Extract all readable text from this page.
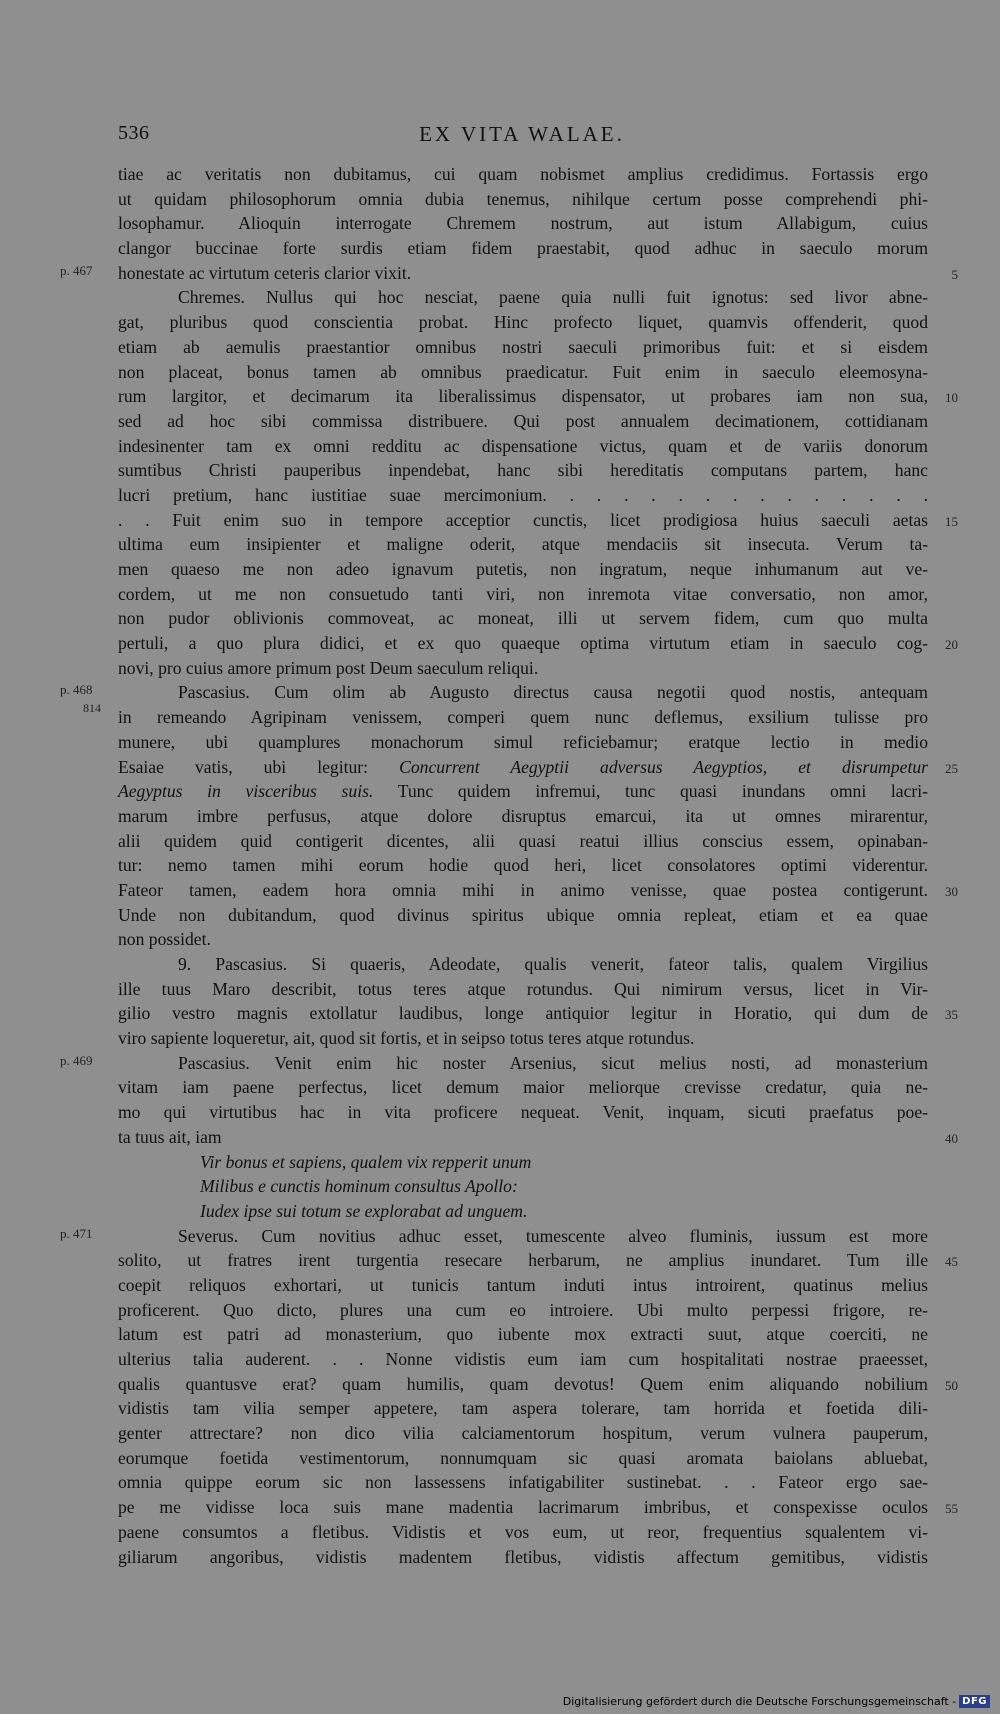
536	EX VITA WALAE.
tiae ac veritatis non dubitamus, cui quam nobismet amplius credidimus. Fortassis ergo
ut quidam philosophorum omnia dubia tenemus, nihilque certum posse comprehendi phi-
losophamur. Alioquin interrogate Chremem nostrum, aut istum Allabigum, cuius
clangor buccinae forte surdis etiam fidem praestabit, quod adhuc in saeculo morum
p. 467 honestate ac virtutum ceteris clarior vixit.	5
Chremes. Nullus qui hoc nesciat, paene quia nulli fuit ignotus: sed livor abne-
gat, pluribus quod conscientia probat. Hinc profecto liquet, quamvis offenderit, quod
etiam ab aemulis praestantior omnibus nostri saeculi primoribus fuit: et si eisdem
non placeat, bonus tamen ab omnibus praedicatur. Fuit enim in saeculo eleemosyna-
rum largitor, et decimarum ita liberalissimus dispensator, ut probares iam non sua, 10
sed ad hoc sibi commissa distribuere. Qui post annualem decimationem, cottidianam
indesinenter tam ex omni redditu ac dispensatione victus, quam et de variis donorum
sumtibus Christi pauperibus inpendebat, hanc sibi hereditatis computans partem, hanc
lucri pretium, hanc iustitiae suae mercimonium. . . . . . . . . . . . . . .
. . Fuit enim suo in tempore acceptior cunctis, licet prodigiosa huius saeculi aetas 15
ultima eum insipienter et maligne oderit, atque mendaciis sit insecuta. Verum ta-
men quaeso me non adeo ignavum putetis, non ingratum, neque inhumanum aut ve-
cordem, ut me non consuetudo tanti viri, non inremota vitae conversatio, non amor,
non pudor oblivionis commoveat, ac moneat, illi ut servem fidem, cum quo multa
pertuli, a quo plura didici, et ex quo quaeque optima virtutum etiam in saeculo cog- 20
novi, pro cuius amore primum post Deum saeculum reliqui.
p. 468
814
Pascasius. Cum olim ab Augusto directus causa negotii quod nostis, antequam
in remeando Agripinam venissem, comperi quem nunc deflemus, exsilium tulisse pro
munere, ubi quamplures monachorum simul reficiebamur; eratque lectio in medio
Esaiae vatis, ubi legitur: Concurrent Aegyptii adversus Aegyptios, et disrumpetur 25
Aegyptus in visceribus suis. Tunc quidem infremui, tunc quasi inundans omni lacri-
marum imbre perfusus, atque dolore disruptus emarcui, ita ut omnes mirarentur,
alii quidem quid contigerit dicentes, alii quasi reatui illius conscius essem, opinaban-
tur: nemo tamen mihi eorum hodie quod heri, licet consolatores optimi viderentur.
Fateor tamen, eadem hora omnia mihi in animo venisse, quae postea contigerunt. 30
Unde non dubitandum, quod divinus spiritus ubique omnia repleat, etiam et ea quae
non possidet.
9. Pascasius. Si quaeris, Adeodate, qualis venerit, fateor talis, qualem Virgilius
ille tuus Maro describit, totus teres atque rotundus. Qui nimirum versus, licet in Vir-
gilio vestro magnis extollatur laudibus, longe antiquior legitur in Horatio, qui dum de 35
viro sapiente loqueretur, ait, quod sit fortis, et in seipso totus teres atque rotundus.
p. 469	Pascasius. Venit enim hic noster Arsenius, sicut melius nosti, ad monasterium
vitam iam paene perfectus, licet demum maior meliorque crevisse credatur, quia ne-
mo qui virtutibus hac in vita proficere nequeat. Venit, inquam, sicuti praefatus poe-
ta tuus ait, iam	40
Vir bonus et sapiens, qualem vix repperit unum
Milibus e cunctis hominum consultus Apollo:
Iudex ipse sui totum se explorabat ad unguem.
p. 471	Severus. Cum novitius adhuc esset, tumescente alveo fluminis, iussum est more
solito, ut fratres irent turgentia resecare herbarum, ne amplius inundaret. Tum ille 45
coepit reliquos exhortari, ut tunicis tantum induti intus introirent, quatinus melius
proficerent. Quo dicto, plures una cum eo introiere. Ubi multo perpessi frigore, re-
latum est patri ad monasterium, quo iubente mox extracti suut, atque coerciti, ne
ulterius talia auderent. . . Nonne vidistis eum iam cum hospitalitati nostrae praeesset,
qualis quantusve erat? quam humilis, quam devotus! Quem enim aliquando nobilium 50
vidistis tam vilia semper appetere, tam aspera tolerare, tam horrida et foetida dili-
genter attrectare? non dico vilia calciamentorum hospitum, verum vulnera pauperum,
eorumque foetida vestimentorum, nonnumquam sic quasi aromata baiolans abluebat,
omnia quippe eorum sic non lassessens infatigabiliter sustinebat. . . Fateor ergo sae-
pe me vidisse loca suis mane madentia lacrimarum imbribus, et conspexisse oculos 55
paene consumtos a fletibus. Vidistis et vos eum, ut reor, frequentius squalentem vi-
giliarum angoribus, vidistis madentem fletibus, vidistis affectum gemitibus, vidistis
Digitalisierung gefördert durch die Deutsche Forschungsgemeinschaft - DFG
